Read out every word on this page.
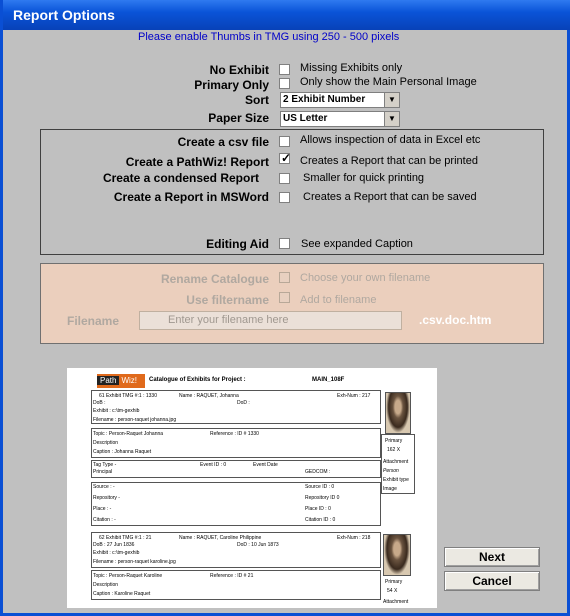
Report Options
Please enable Thumbs in TMG using 250 - 500 pixels
No Exhibit	Missing Exhibits only
Primary Only	Only show the Main Personal Image
Sort	2 Exhibit Number	▼
Paper Size	US Letter	▼
Create a csv file	Allows inspection of data in Excel etc
Create a PathWiz! Report ✓ Creates a Report that can be printed
Create a condensed Report	Smaller for quick printing
Create a Report in MSWord	Creates a Report that can be saved
Editing Aid	See expanded Caption
Rename Catalogue	Choose your own filename
Use filtername	Add to filename
Filename	Enter your filename here	.csv.doc.htm
Path Wiz!	Catalogue of Exhibits for Project :	MAIN_108F
61 Exhibit TMG #:1 : 1330	Name : RAQUET, Johanna	Exh-Num : 217
DoB :	DoD :
Exhibit : c:\tm-gexhib
Filename : person-raquet johanna.jpg
Topic : Person-Raquet Johanna	Reference : ID # 1330
Description
Caption : Johanna Raquet
Primary
162 X
Attachment
Person
Exhibit type
Image
Tag Type -	Event ID : 0	Event Date
Principal	GEDCOM :
Source : -	Source ID : 0
Repository -	Repository ID 0
Place : -	Place ID : 0
Citation : -	Citation ID : 0
62 Exhibit TMG #:1 : 21	Name : RAQUET, Caroline Philippine	Exh-Num : 218
DoB : 27 Jun 1836	DoD : 10 Jun 1873
Exhibit : c:\tm-gexhib
Filename : person-raquet karoline.jpg
Topic : Person-Raquet Karoline	Reference : ID # 21
Description
Caption : Karoline Raquet
Primary
54 X
Attachment
Next
Cancel
